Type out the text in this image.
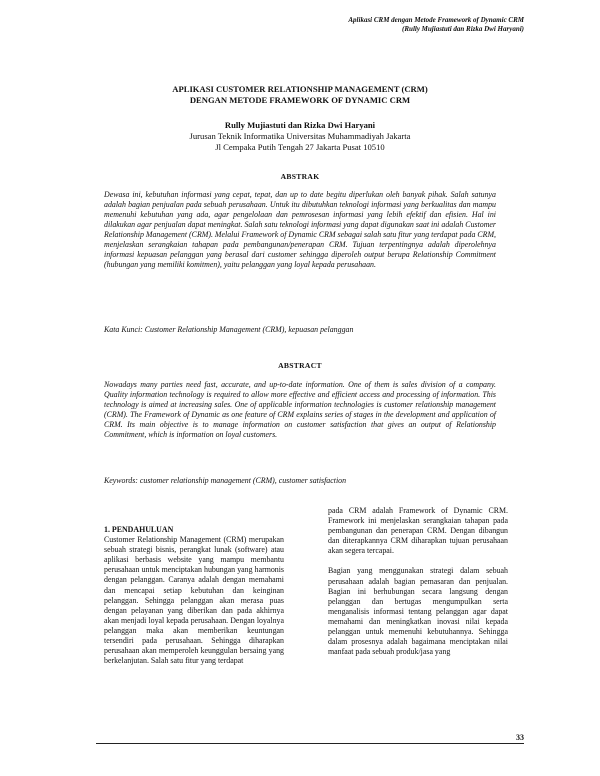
Aplikasi CRM dengan Metode Framework of Dynamic CRM
(Rully Mujiastuti dan Rizka Dwi Haryani)
APLIKASI CUSTOMER RELATIONSHIP MANAGEMENT (CRM)
DENGAN METODE FRAMEWORK OF DYNAMIC CRM
Rully Mujiastuti dan Rizka Dwi Haryani
Jurusan Teknik Informatika Universitas Muhammadiyah Jakarta
Jl Cempaka Putih Tengah 27 Jakarta Pusat 10510
ABSTRAK
Dewasa ini, kebutuhan informasi yang cepat, tepat, dan up to date begitu diperlukan oleh banyak pihak. Salah satunya adalah bagian penjualan pada sebuah perusahaan. Untuk itu dibutuhkan teknologi informasi yang berkualitas dan mampu memenuhi kebutuhan yang ada, agar pengelolaan dan pemrosesan informasi yang lebih efektif dan efisien. Hal ini dilakukan agar penjualan dapat meningkat. Salah satu teknologi informasi yang dapat digunakan saat ini adalah Customer Relationship Management (CRM). Melalui Framework of Dynamic CRM sebagai salah satu fitur yang terdapat pada CRM, menjelaskan serangkaian tahapan pada pembangunan/penerapan CRM. Tujuan terpentingnya adalah diperolehnya informasi kepuasan pelanggan yang berasal dari customer sehingga diperoleh output berupa Relationship Commitment (hubungan yang memiliki komitmen), yaitu pelanggan yang loyal kepada perusahaan.
Kata Kunci: Customer Relationship Management (CRM), kepuasan pelanggan
ABSTRACT
Nowadays many parties need fast, accurate, and up-to-date information. One of them is sales division of a company. Quality information technology is required to allow more effective and efficient access and processing of information. This technology is aimed at increasing sales. One of applicable information technologies is customer relationship management (CRM). The Framework of Dynamic as one feature of CRM explains series of stages in the development and application of CRM. Its main objective is to manage information on customer satisfaction that gives an output of Relationship Commitment, which is information on loyal customers.
Keywords: customer relationship management (CRM), customer satisfaction

1. PENDAHULUAN

Customer Relationship Management (CRM) merupakan sebuah strategi bisnis, perangkat lunak (software) atau aplikasi berbasis website yang mampu membantu perusahaan untuk menciptakan hubungan yang harmonis dengan pelanggan. Caranya adalah dengan memahami dan mencapai setiap kebutuhan dan keinginan pelanggan. Sehingga pelanggan akan merasa puas dengan pelayanan yang diberikan dan pada akhirnya akan menjadi loyal kepada perusahaan. Dengan loyalnya pelanggan maka akan memberikan keuntungan tersendiri pada perusahaan. Sehingga diharapkan perusahaan akan memperoleh keunggulan bersaing yang berkelanjutan. Salah satu fitur yang terdapat

pada CRM adalah Framework of Dynamic CRM. Framework ini menjelaskan serangkaian tahapan pada pembangunan dan penerapan CRM. Dengan dibangun dan diterapkannya CRM diharapkan tujuan perusahaan akan segera tercapai.

Bagian yang menggunakan strategi dalam sebuah perusahaan adalah bagian pemasaran dan penjualan. Bagian ini berhubungan secara langsung dengan pelanggan dan bertugas mengumpulkan serta menganalisis informasi tentang pelanggan agar dapat memahami dan meningkatkan inovasi nilai kepada pelanggan untuk memenuhi kebutuhannya. Sehingga dalam prosesnya adalah bagaimana menciptakan nilai manfaat pada sebuah produk/jasa yang

33
